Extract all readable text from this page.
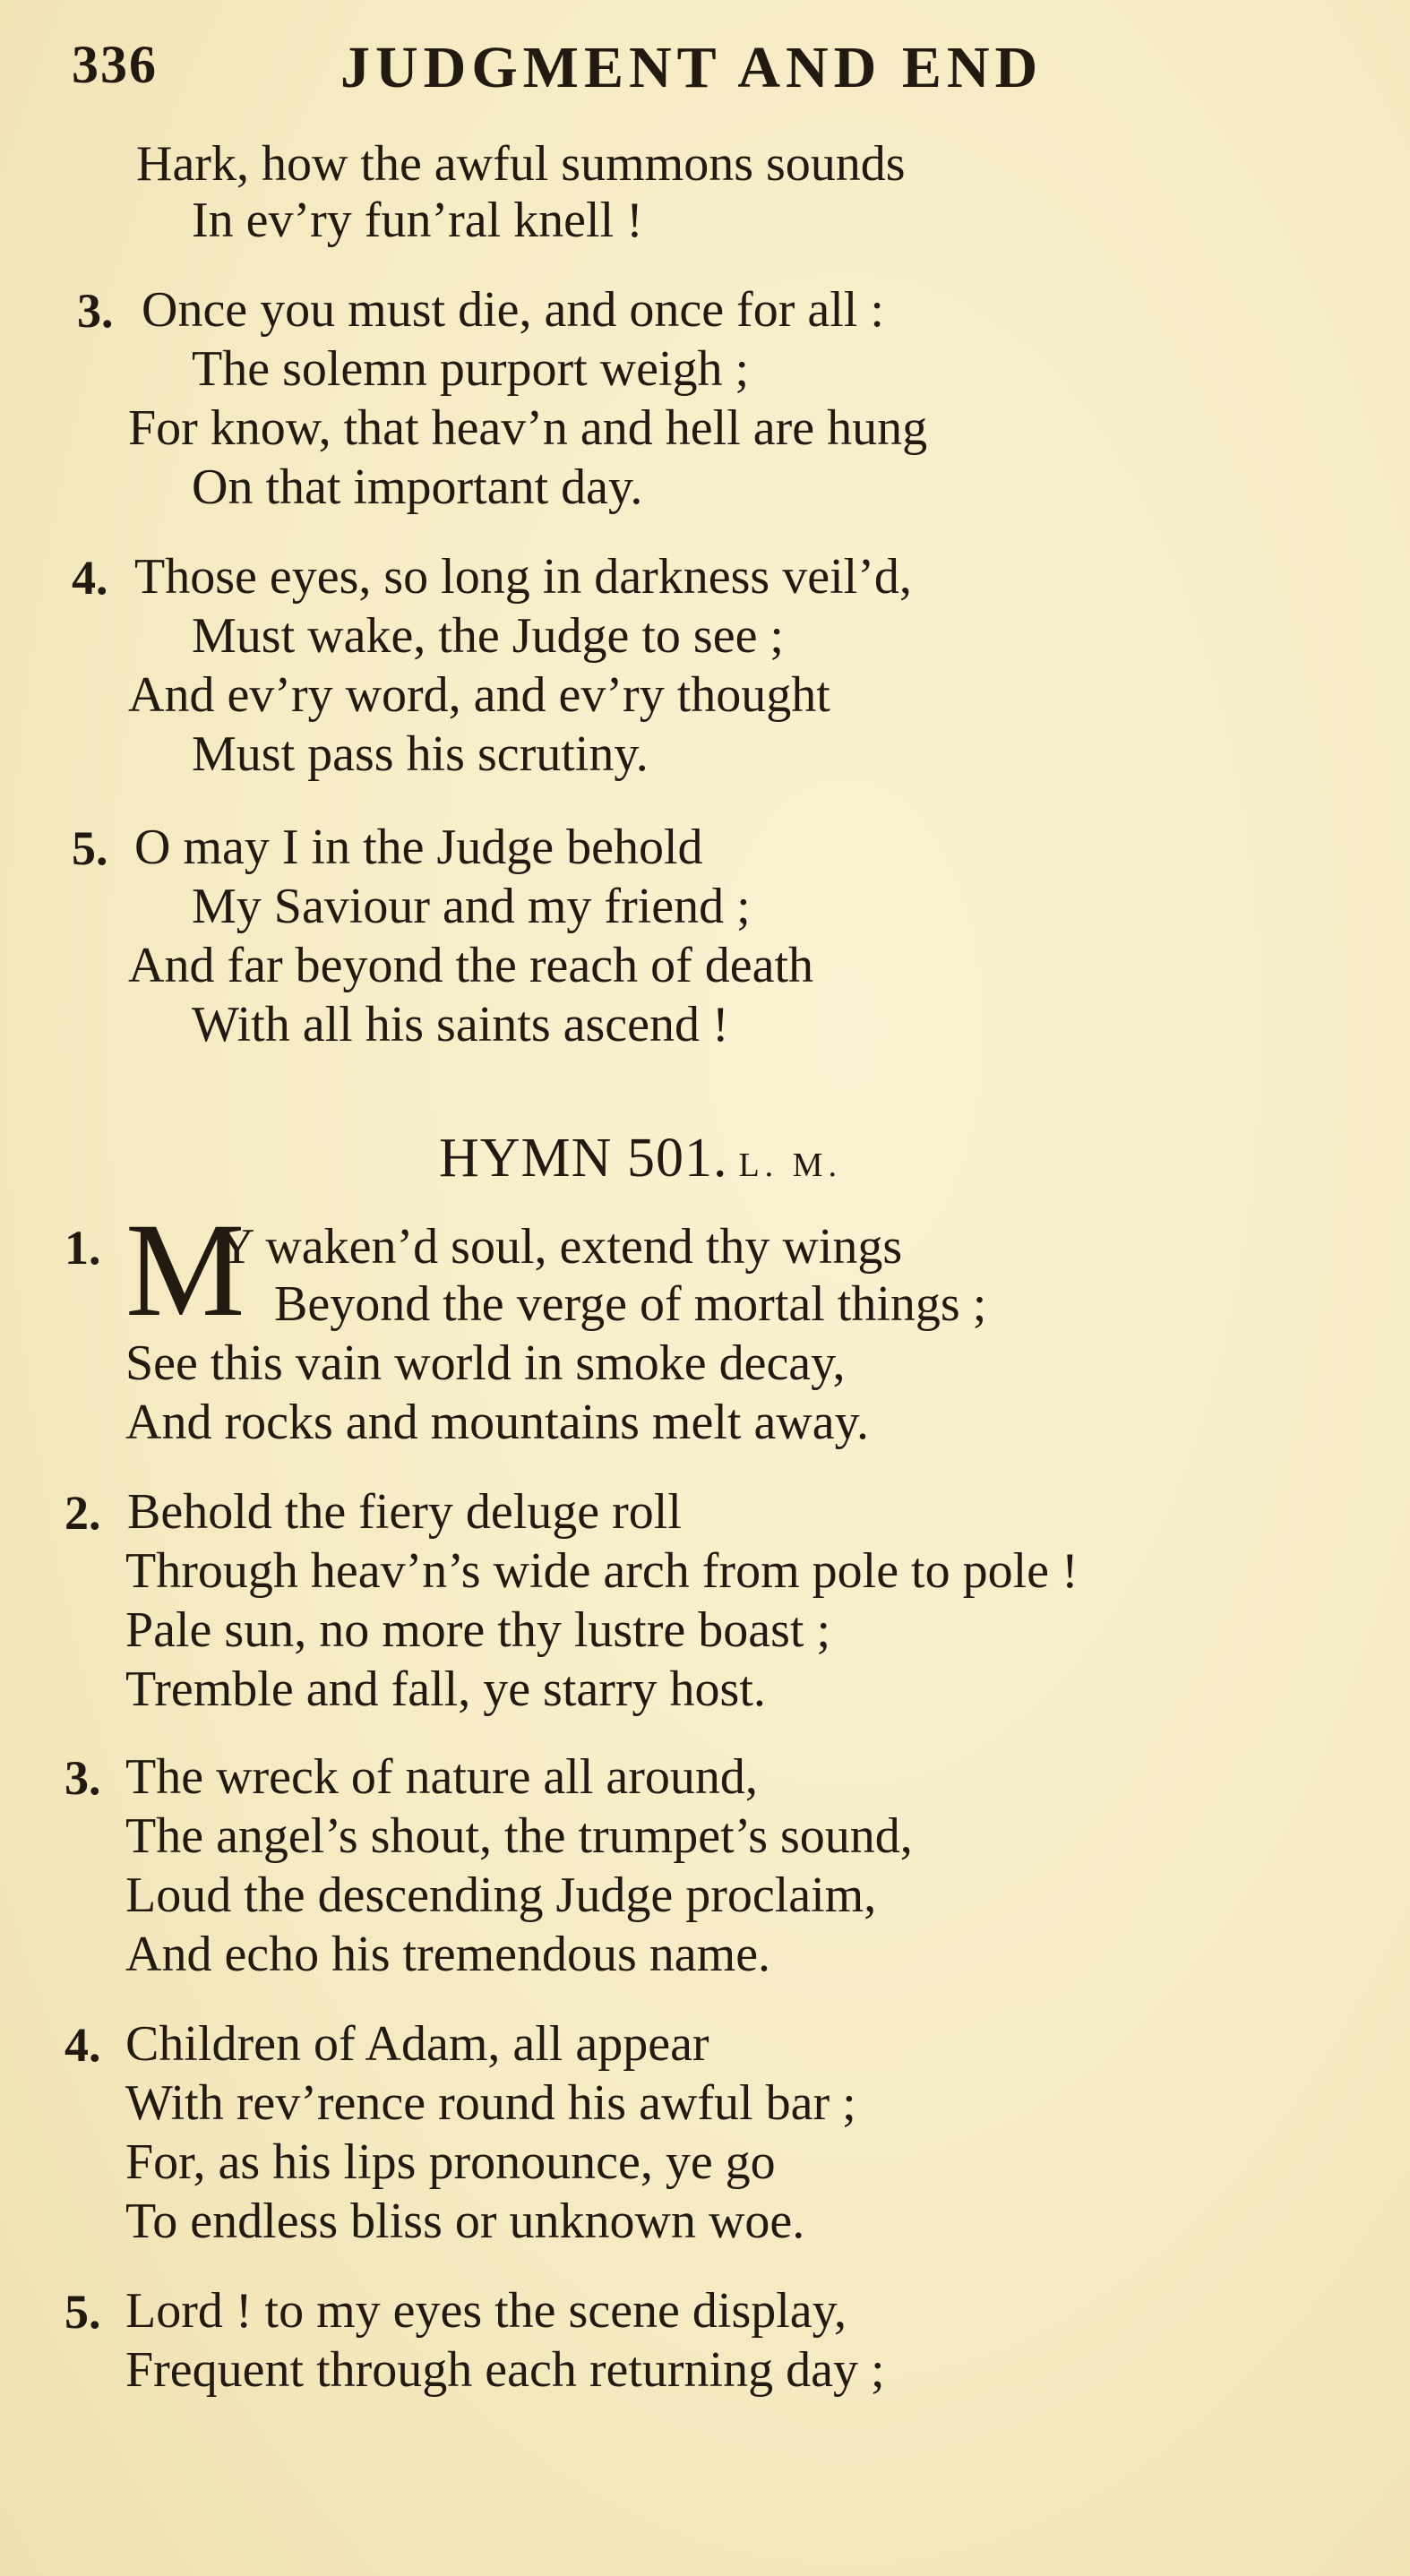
336	JUDGMENT AND END
Hark, how the awful summons sounds
In ev’ry fun’ral knell !
3. Once you must die, and once for all :
The solemn purport weigh ;
For know, that heav’n and hell are hung
On that important day.
4. Those eyes, so long in darkness veil’d,
Must wake, the Judge to see ;
And ev’ry word, and ev’ry thought
Must pass his scrutiny.
5. O may I in the Judge behold
My Saviour and my friend ;
And far beyond the reach of death
With all his saints ascend !
HYMN 501. L. M.
1. M
Y waken’d soul, extend thy wings
Beyond the verge of mortal things ;
See this vain world in smoke decay,
And rocks and mountains melt away.
2. Behold the fiery deluge roll
Through heav’n’s wide arch from pole to pole !
Pale sun, no more thy lustre boast ;
Tremble and fall, ye starry host.
3. The wreck of nature all around,
The angel’s shout, the trumpet’s sound,
Loud the descending Judge proclaim,
And echo his tremendous name.
4. Children of Adam, all appear
With rev’rence round his awful bar ;
For, as his lips pronounce, ye go
To endless bliss or unknown woe.
5. Lord ! to my eyes the scene display,
Frequent through each returning day ;
